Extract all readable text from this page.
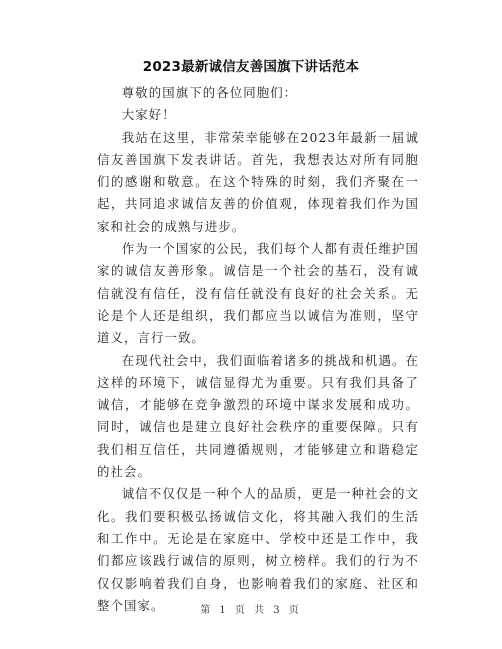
2023最新诚信友善国旗下讲话范本

尊敬的国旗下的各位同胞们：

大家好！

我站在这里，非常荣幸能够在2023年最新一届诚信友善国旗下发表讲话。首先，我想表达对所有同胞们的感谢和敬意。在这个特殊的时刻，我们齐聚在一起，共同追求诚信友善的价值观，体现着我们作为国家和社会的成熟与进步。

作为一个国家的公民，我们每个人都有责任维护国家的诚信友善形象。诚信是一个社会的基石，没有诚信就没有信任，没有信任就没有良好的社会关系。无论是个人还是组织，我们都应当以诚信为准则，坚守道义，言行一致。

在现代社会中，我们面临着诸多的挑战和机遇。在这样的环境下，诚信显得尤为重要。只有我们具备了诚信，才能够在竞争激烈的环境中谋求发展和成功。同时，诚信也是建立良好社会秩序的重要保障。只有我们相互信任，共同遵循规则，才能够建立和谐稳定的社会。

诚信不仅仅是一种个人的品质，更是一种社会的文化。我们要积极弘扬诚信文化，将其融入我们的生活和工作中。无论是在家庭中、学校中还是工作中，我们都应该践行诚信的原则，树立榜样。我们的行为不仅仅影响着我们自身，也影响着我们的家庭、社区和整个国家。	第 1 页 共 3 页
